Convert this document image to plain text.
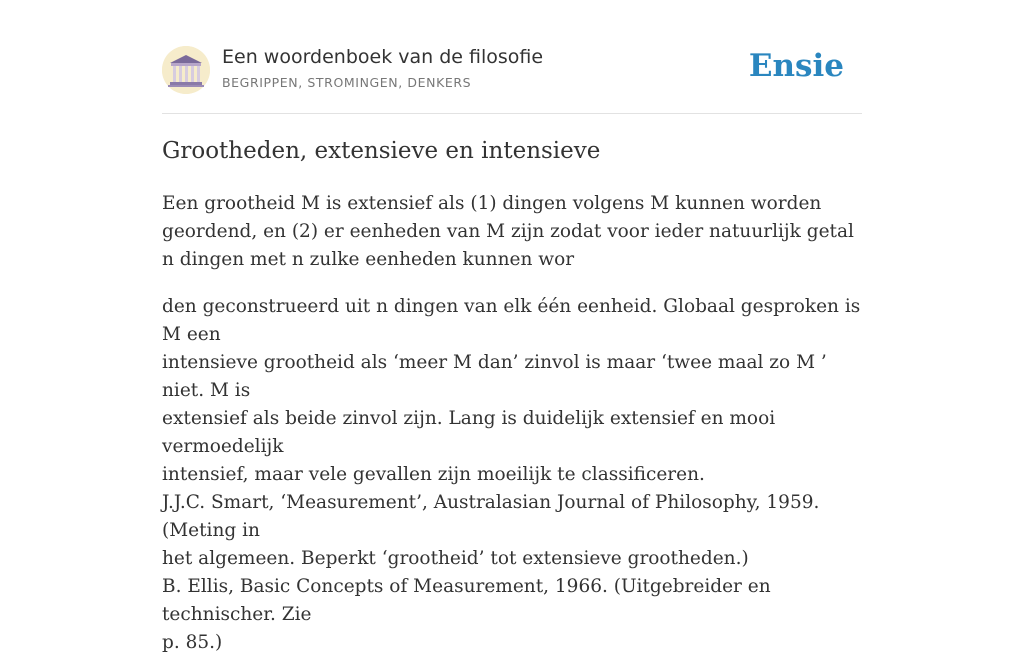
Een woordenboek van de filosofie
BEGRIPPEN, STROMINGEN, DENKERS	Ensie
Grootheden, extensieve en intensieve

Een grootheid M is extensief als (1) dingen volgens M kunnen worden geordend, en (2) er eenheden van M zijn zodat voor ieder natuurlijk getal n dingen met n zulke eenheden kunnen wor

den geconstrueerd uit n dingen van elk één eenheid. Globaal gesproken is M een
intensieve grootheid als ‘meer M dan’ zinvol is maar ‘twee maal zo M ’ niet. M is
extensief als beide zinvol zijn. Lang is duidelijk extensief en mooi vermoedelijk
intensief, maar vele gevallen zijn moeilijk te classificeren.
J.J.C. Smart, ‘Measurement’, Australasian Journal of Philosophy, 1959. (Meting in
het algemeen. Beperkt ‘grootheid’ tot extensieve grootheden.)
B. Ellis, Basic Concepts of Measurement, 1966. (Uitgebreider en technischer. Zie
p. 85.)
